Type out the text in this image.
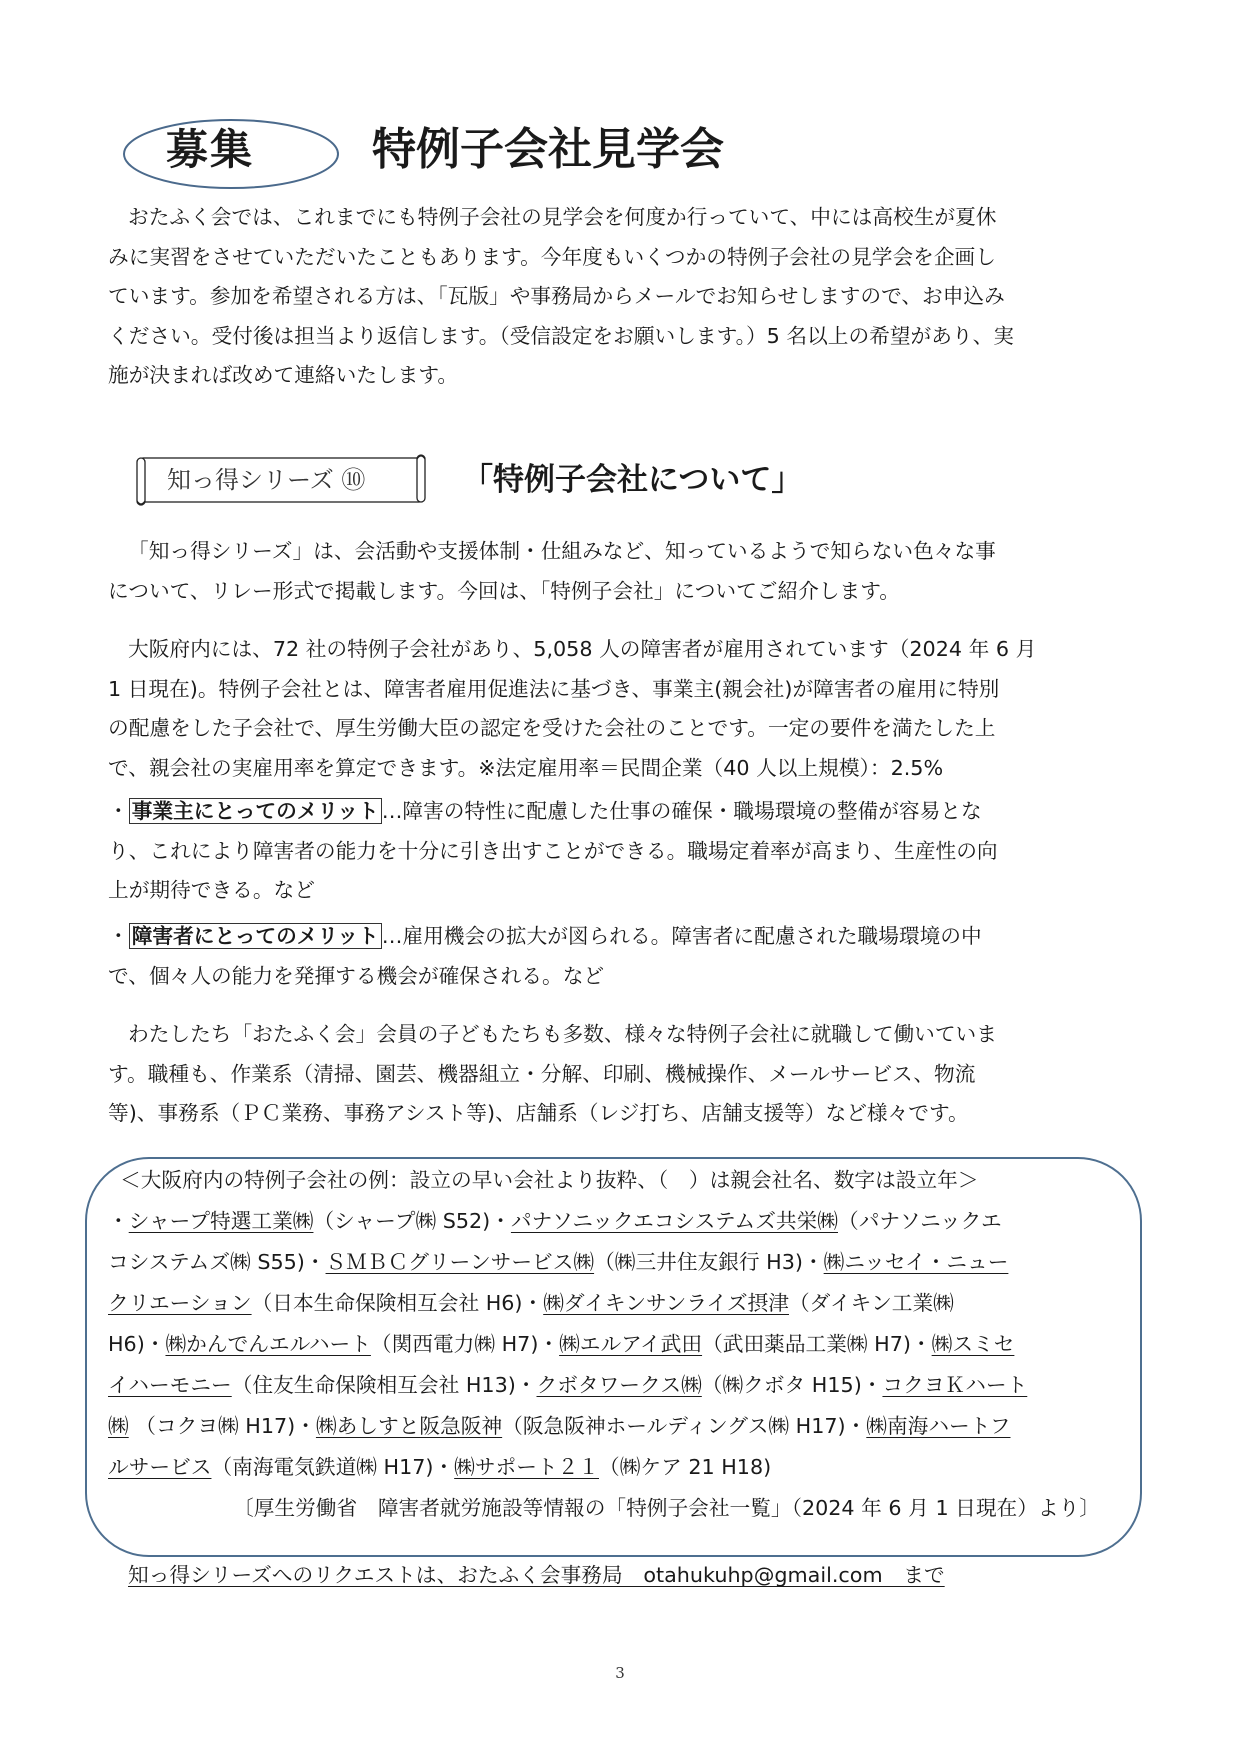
募集	特例子会社見学会
おたふく会では、これまでにも特例子会社の見学会を何度か行っていて、中には高校生が夏休
みに実習をさせていただいたこともあります。今年度もいくつかの特例子会社の見学会を企画し
ています。参加を希望される方は、「瓦版」や事務局からメールでお知らせしますので、お申込み
ください。受付後は担当より返信します。（受信設定をお願いします。）5 名以上の希望があり、実
施が決まれば改めて連絡いたします。
知っ得シリーズ ⑩	「特例子会社について」
「知っ得シリーズ」は、会活動や支援体制・仕組みなど、知っているようで知らない色々な事
について、リレー形式で掲載します。今回は、「特例子会社」についてご紹介します。
大阪府内には、72 社の特例子会社があり、5,058 人の障害者が雇用されています（2024 年 6 月
1 日現在)。特例子会社とは、障害者雇用促進法に基づき、事業主(親会社)が障害者の雇用に特別
の配慮をした子会社で、厚生労働大臣の認定を受けた会社のことです。一定の要件を満たした上
で、親会社の実雇用率を算定できます。※法定雇用率＝民間企業（40 人以上規模）：2.5%
・ 事業主にとってのメリット …障害の特性に配慮した仕事の確保・職場環境の整備が容易とな
り、これにより障害者の能力を十分に引き出すことができる。職場定着率が高まり、生産性の向
上が期待できる。など
・ 障害者にとってのメリット …雇用機会の拡大が図られる。障害者に配慮された職場環境の中
で、個々人の能力を発揮する機会が確保される。など
わたしたち「おたふく会」会員の子どもたちも多数、様々な特例子会社に就職して働いていま
す。職種も、作業系（清掃、園芸、機器組立・分解、印刷、機械操作、メールサービス、物流
等)、事務系（ＰＣ業務、事務アシスト等)、店舗系（レジ打ち、店舗支援等）など様々です。
＜大阪府内の特例子会社の例：設立の早い会社より抜粋、（　）は親会社名、数字は設立年＞
・シャープ特選工業㈱（シャープ㈱ S52)・パナソニックエコシステムズ共栄㈱（パナソニックエ
コシステムズ㈱ S55)・ＳＭＢＣグリーンサービス㈱（㈱三井住友銀行 H3)・㈱ニッセイ・ニュー
クリエーション（日本生命保険相互会社 H6)・㈱ダイキンサンライズ摂津（ダイキン工業㈱
H6)・㈱かんでんエルハート（関西電力㈱ H7)・㈱エルアイ武田（武田薬品工業㈱ H7)・㈱スミセ
イハーモニー（住友生命保険相互会社 H13)・クボタワークス㈱（㈱クボタ H15)・コクヨＫハート
㈱ （コクヨ㈱ H17)・㈱あしすと阪急阪神（阪急阪神ホールディングス㈱ H17)・㈱南海ハートフ
ルサービス（南海電気鉄道㈱ H17)・㈱サポート２１（㈱ケア 21 H18)
〔厚生労働省　障害者就労施設等情報の「特例子会社一覧」（2024 年 6 月 1 日現在）より〕
知っ得シリーズへのリクエストは、おたふく会事務局　otahukuhp@gmail.com　まで
3
